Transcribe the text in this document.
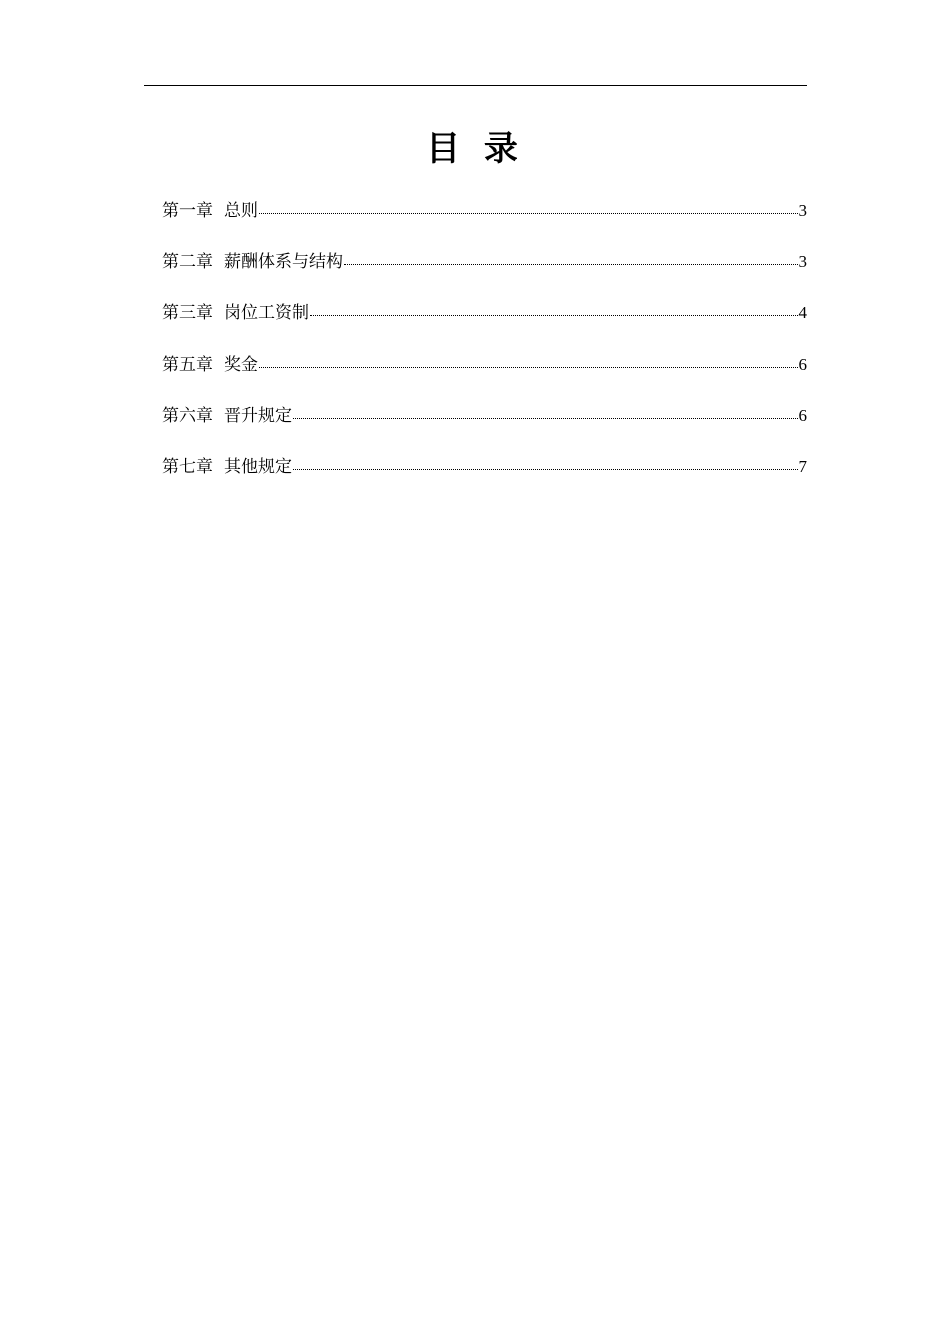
目 录
第一章 总则	3
第二章 薪酬体系与结构	3
第三章 岗位工资制	4
第五章 奖金	6
第六章 晋升规定	6
第七章 其他规定	7
